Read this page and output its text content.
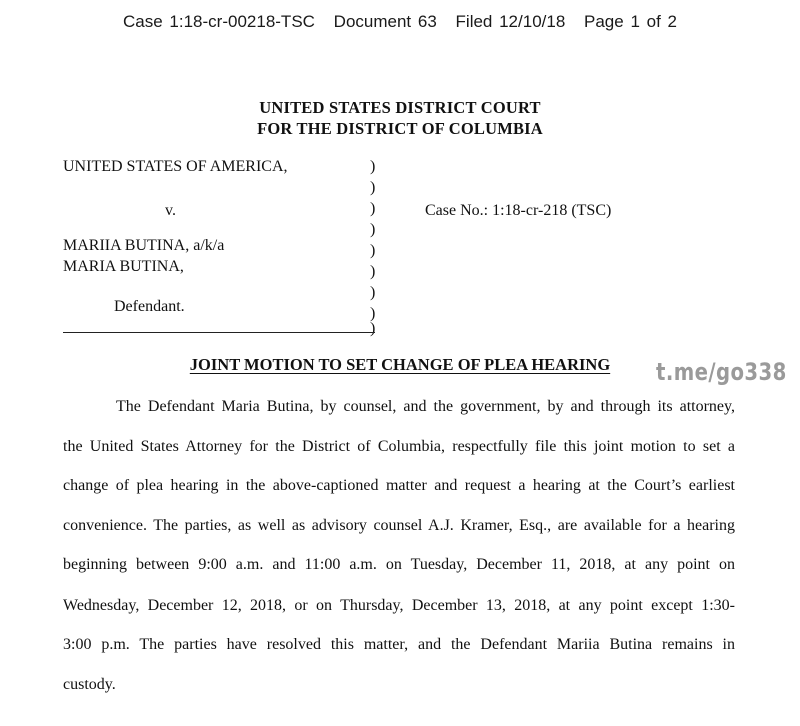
Case 1:18-cr-00218-TSC Document 63 Filed 12/10/18 Page 1 of 2
UNITED STATES DISTRICT COURT
FOR THE DISTRICT OF COLUMBIA
UNITED STATES OF AMERICA,
v.
MARIIA BUTINA, a/k/a
MARIA BUTINA,
Defendant.
Case No.: 1:18-cr-218 (TSC)
)
)
)
)
)
)
)
)
)
JOINT MOTION TO SET CHANGE OF PLEA HEARING	t.me/go338
The Defendant Maria Butina, by counsel, and the government, by and through its attorney,
the United States Attorney for the District of Columbia, respectfully file this joint motion to set a
change of plea hearing in the above-captioned matter and request a hearing at the Court’s earliest
convenience. The parties, as well as advisory counsel A.J. Kramer, Esq., are available for a hearing
beginning between 9:00 a.m. and 11:00 a.m. on Tuesday, December 11, 2018, at any point on
Wednesday, December 12, 2018, or on Thursday, December 13, 2018, at any point except 1:30-
3:00 p.m. The parties have resolved this matter, and the Defendant Mariia Butina remains in
custody.
